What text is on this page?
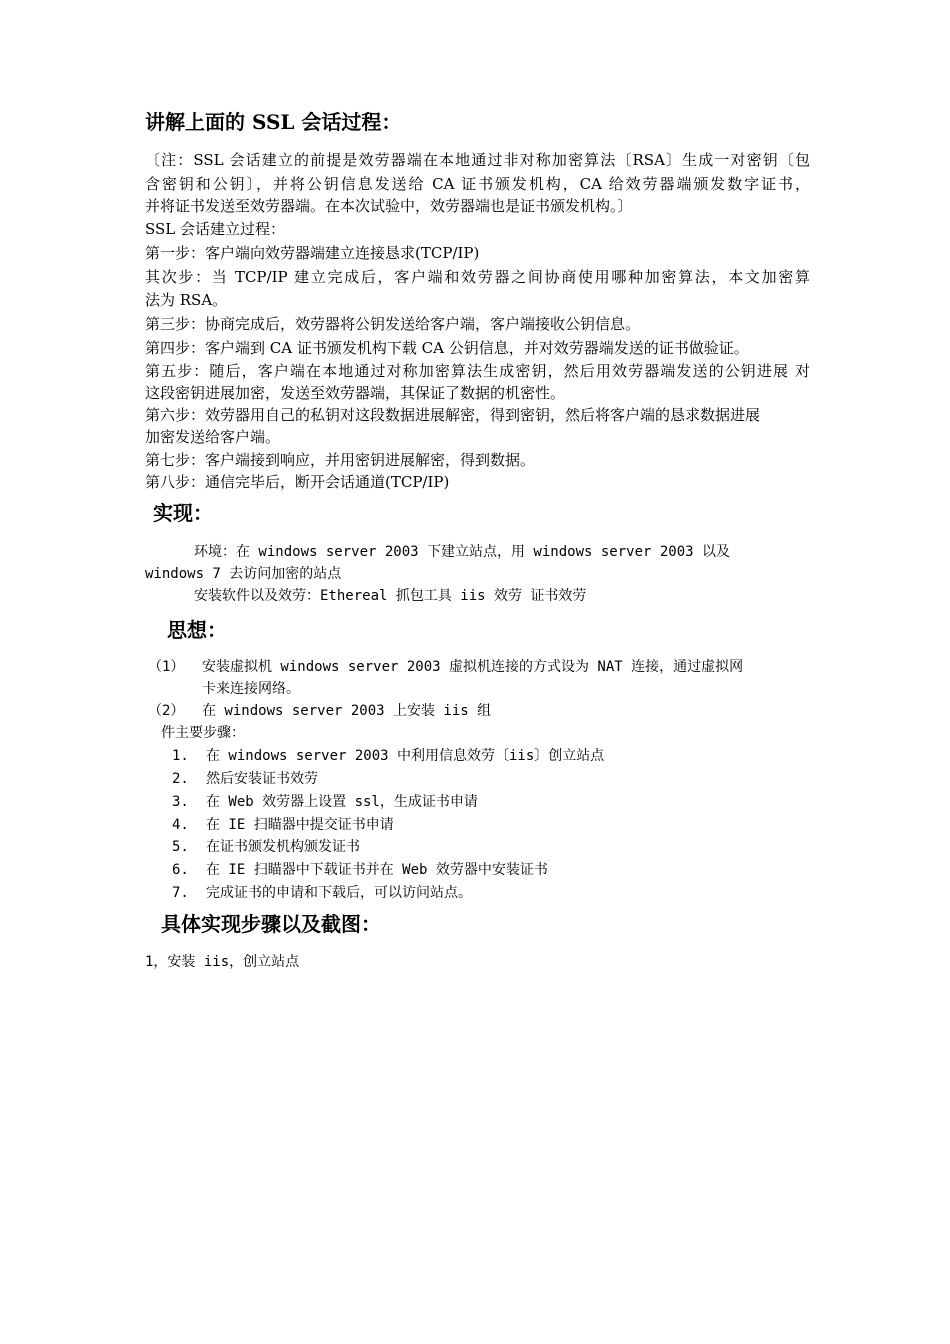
讲解上面的 SSL 会话过程：
〔注：SSL 会话建立的前提是效劳器端在本地通过非对称加密算法〔RSA〕生成一对密钥〔包
含密钥和公钥〕，并将公钥信息发送给 CA 证书颁发机构，CA 给效劳器端颁发数字证书，
并将证书发送至效劳器端。在本次试验中，效劳器端也是证书颁发机构。〕
SSL 会话建立过程：
第一步：客户端向效劳器端建立连接恳求(TCP/IP)
其次步：当 TCP/IP 建立完成后，客户端和效劳器之间协商使用哪种加密算法，本文加密算
法为 RSA。
第三步：协商完成后，效劳器将公钥发送给客户端，客户端接收公钥信息。
第四步：客户端到 CA 证书颁发机构下载 CA 公钥信息，并对效劳器端发送的证书做验证。
第五步：随后，客户端在本地通过对称加密算法生成密钥，然后用效劳器端发送的公钥进展 对
这段密钥进展加密，发送至效劳器端，其保证了数据的机密性。
第六步：效劳器用自己的私钥对这段数据进展解密，得到密钥，然后将客户端的恳求数据进展
加密发送给客户端。
第七步：客户端接到响应，并用密钥进展解密，得到数据。
第八步：通信完毕后，断开会话通道(TCP/IP)
实现：
环境：在 windows server 2003 下建立站点，用 windows server 2003 以及
windows 7 去访问加密的站点
安装软件以及效劳：Ethereal 抓包工具 iis 效劳 证书效劳
思想：
（1） 安装虚拟机 windows server 2003 虚拟机连接的方式设为 NAT 连接，通过虚拟网
卡来连接网络。
（2） 在 windows server 2003 上安装 iis 组
件主要步骤：
1. 在 windows server 2003 中利用信息效劳〔iis〕创立站点
2. 然后安装证书效劳
3. 在 Web 效劳器上设置 ssl，生成证书申请
4. 在 IE 扫瞄器中提交证书申请
5. 在证书颁发机构颁发证书
6. 在 IE 扫瞄器中下载证书并在 Web 效劳器中安装证书
7. 完成证书的申请和下载后，可以访问站点。
具体实现步骤以及截图：
1，安装 iis，创立站点
